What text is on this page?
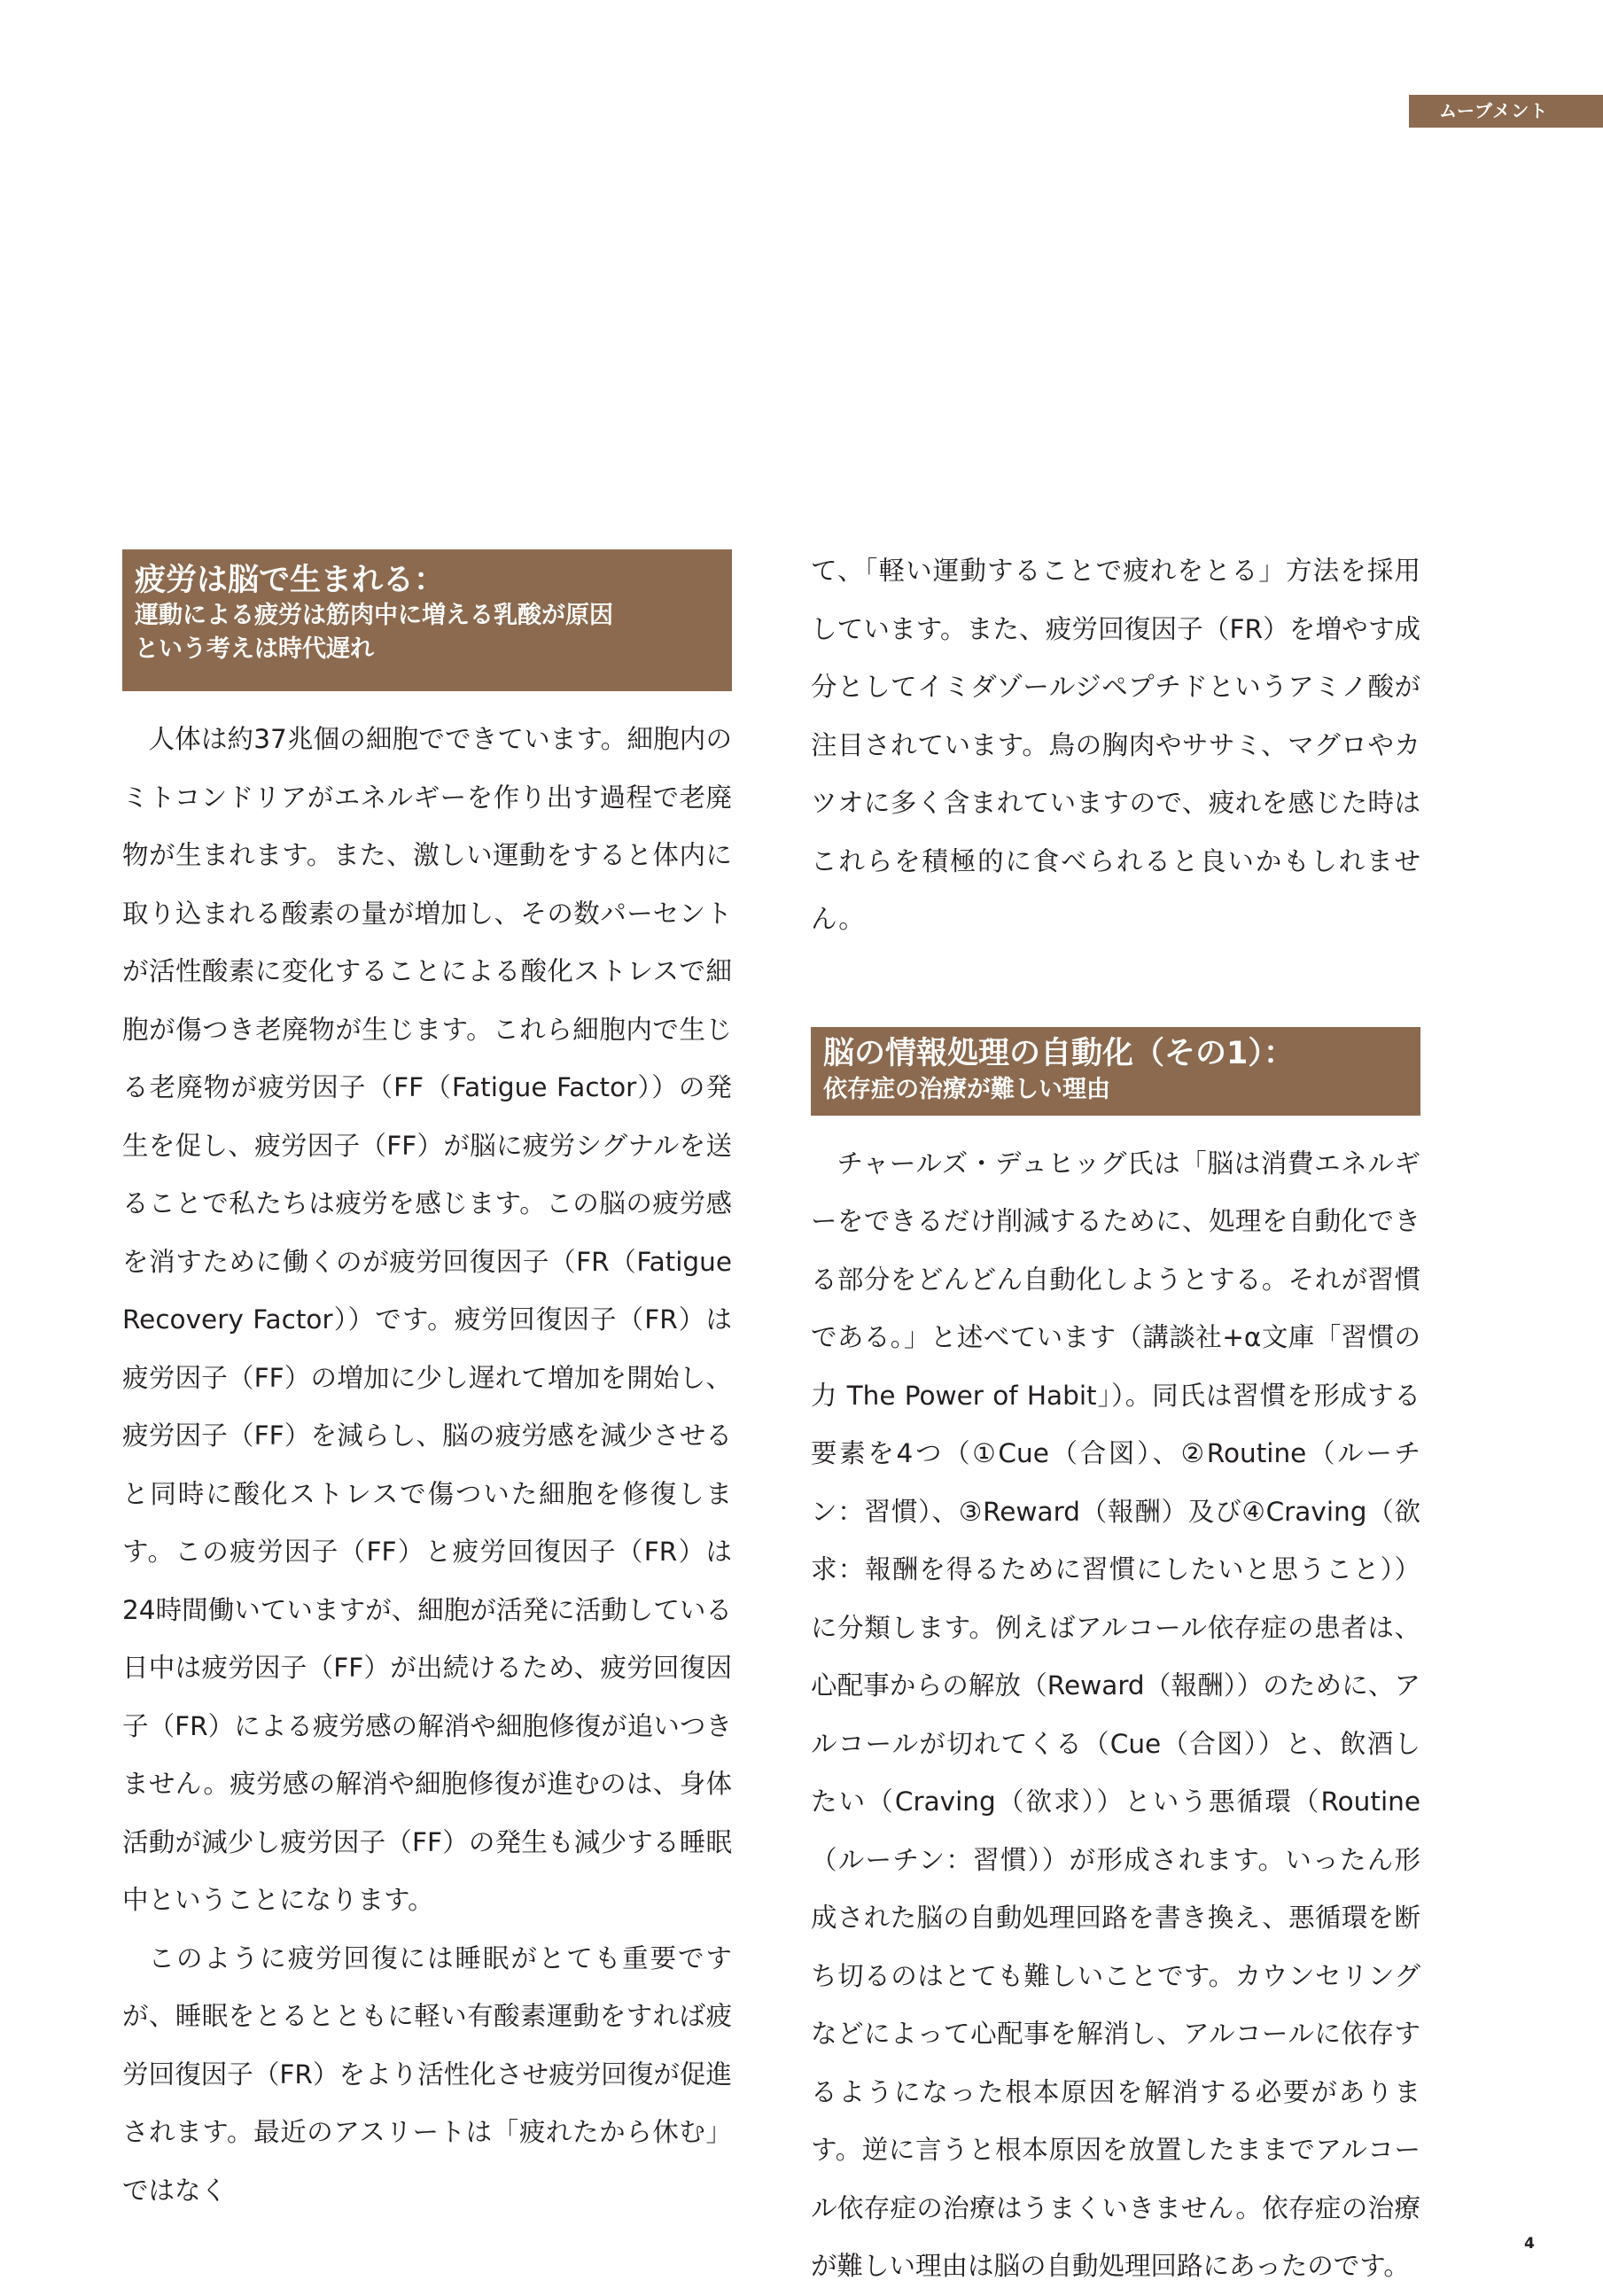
ムーブメント
疲労は脳で生まれる：
運動による疲労は筋肉中に増える乳酸が原因
という考えは時代遅れ

人体は約37兆個の細胞でできています。細胞内のミトコンドリアがエネルギーを作り出す過程で老廃物が生まれます。また、激しい運動をすると体内に取り込まれる酸素の量が増加し、その数パーセントが活性酸素に変化することによる酸化ストレスで細胞が傷つき老廃物が生じます。これら細胞内で生じる老廃物が疲労因子（FF（Fatigue Factor））の発生を促し、疲労因子（FF）が脳に疲労シグナルを送ることで私たちは疲労を感じます。この脳の疲労感を消すために働くのが疲労回復因子（FR（Fatigue Recovery Factor））です。疲労回復因子（FR）は疲労因子（FF）の増加に少し遅れて増加を開始し、疲労因子（FF）を減らし、脳の疲労感を減少させると同時に酸化ストレスで傷ついた細胞を修復します。この疲労因子（FF）と疲労回復因子（FR）は24時間働いていますが、細胞が活発に活動している日中は疲労因子（FF）が出続けるため、疲労回復因子（FR）による疲労感の解消や細胞修復が追いつきません。疲労感の解消や細胞修復が進むのは、身体活動が減少し疲労因子（FF）の発生も減少する睡眠中ということになります。

このように疲労回復には睡眠がとても重要ですが、睡眠をとるとともに軽い有酸素運動をすれば疲労回復因子（FR）をより活性化させ疲労回復が促進されます。最近のアスリートは「疲れたから休む」ではなく

て、「軽い運動することで疲れをとる」方法を採用しています。また、疲労回復因子（FR）を増やす成分としてイミダゾールジペプチドというアミノ酸が注目されています。鳥の胸肉やササミ、マグロやカツオに多く含まれていますので、疲れを感じた時はこれらを積極的に食べられると良いかもしれません。

脳の情報処理の自動化（その1）：
依存症の治療が難しい理由

チャールズ・デュヒッグ氏は「脳は消費エネルギーをできるだけ削減するために、処理を自動化できる部分をどんどん自動化しようとする。それが習慣である。」と述べています（講談社+α文庫「習慣の力 The Power of Habit」）。同氏は習慣を形成する要素を4つ（①Cue（合図）、②Routine（ルーチン：習慣）、③Reward（報酬）及び④Craving（欲求：報酬を得るために習慣にしたいと思うこと））に分類します。例えばアルコール依存症の患者は、心配事からの解放（Reward（報酬））のために、アルコールが切れてくる（Cue（合図））と、飲酒したい（Craving（欲求））という悪循環（Routine（ルーチン：習慣））が形成されます。いったん形成された脳の自動処理回路を書き換え、悪循環を断ち切るのはとても難しいことです。カウンセリングなどによって心配事を解消し、アルコールに依存するようになった根本原因を解消する必要があります。逆に言うと根本原因を放置したままでアルコール依存症の治療はうまくいきません。依存症の治療が難しい理由は脳の自動処理回路にあったのです。

4
